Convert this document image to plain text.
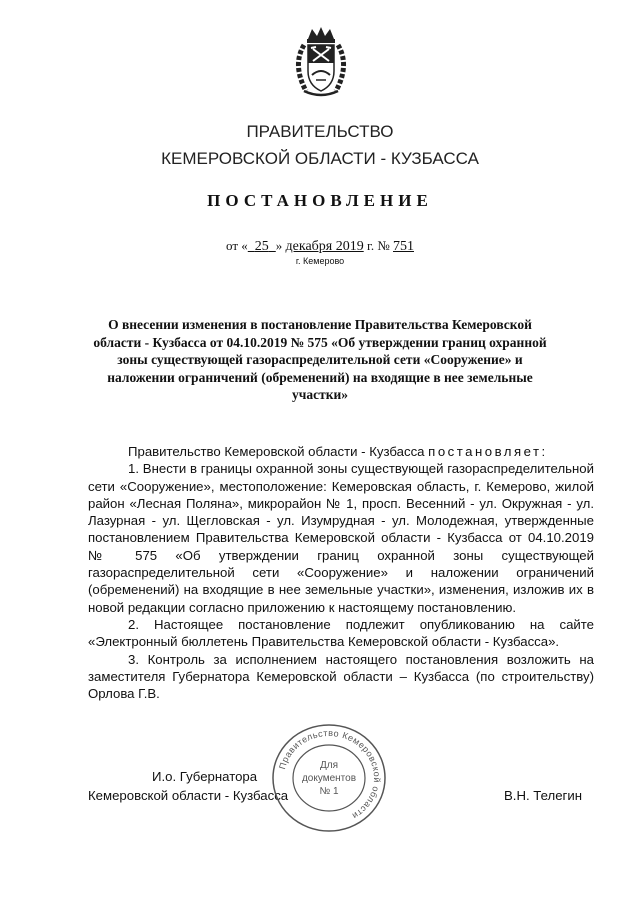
ПРАВИТЕЛЬСТВО
КЕМЕРОВСКОЙ ОБЛАСТИ - КУЗБАССА
ПОСТАНОВЛЕНИЕ
от « 25 » декабря 2019 г. № 751
г. Кемерово
О внесении изменения в постановление Правительства Кемеровской области - Кузбасса от 04.10.2019 № 575 «Об утверждении границ охранной зоны существующей газораспределительной сети «Сооружение» и наложении ограничений (обременений) на входящие в нее земельные участки»

Правительство Кемеровской области - Кузбасса постановляет:

1. Внести в границы охранной зоны существующей газораспределительной сети «Сооружение», местоположение: Кемеровская область, г. Кемерово, жилой район «Лесная Поляна», микрорайон № 1, просп. Весенний - ул. Окружная - ул. Лазурная - ул. Щегловская - ул. Изумрудная - ул. Молодежная, утвержденные постановлением Правительства Кемеровской области - Кузбасса от 04.10.2019 № 575 «Об утверждении границ охранной зоны существующей газораспределительной сети «Сооружение» и наложении ограничений (обременений) на входящие в нее земельные участки», изменения, изложив их в новой редакции согласно приложению к настоящему постановлению.

2. Настоящее постановление подлежит опубликованию на сайте «Электронный бюллетень Правительства Кемеровской области - Кузбасса».

3. Контроль за исполнением настоящего постановления возложить на заместителя Губернатора Кемеровской области – Кузбасса (по строительству) Орлова Г.В.

И.о. Губернатора
Кемеровской области - Кузбасса	В.Н. Телегин
Правительство Кемеровской области
Для
документов
№ 1
